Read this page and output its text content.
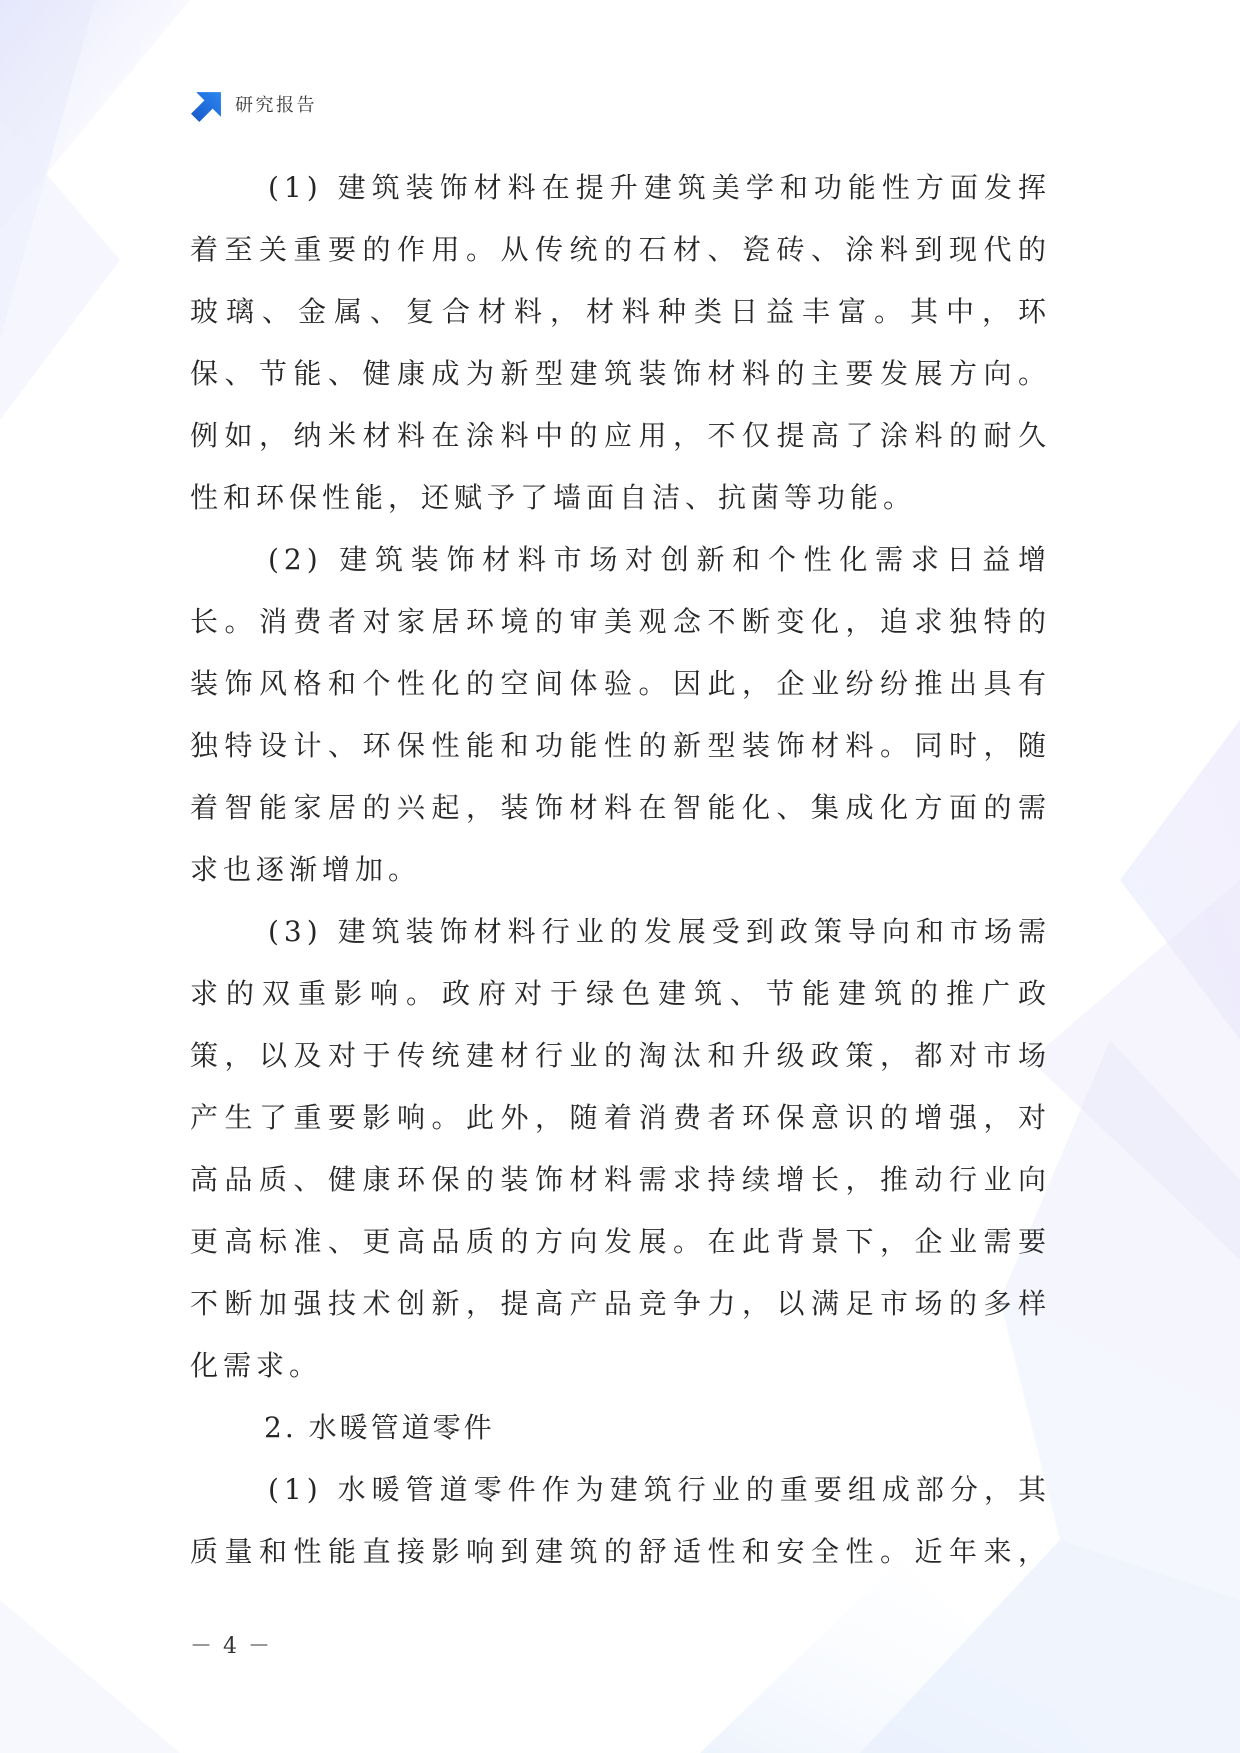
研究报告
(1) 建筑装饰材料在提升建筑美学和功能性方面发挥
着至关重要的作用。从传统的石材、瓷砖、涂料到现代的
玻璃、金属、复合材料，材料种类日益丰富。其中，环
保、节能、健康成为新型建筑装饰材料的主要发展方向。
例如，纳米材料在涂料中的应用，不仅提高了涂料的耐久
性和环保性能，还赋予了墙面自洁、抗菌等功能。
(2) 建筑装饰材料市场对创新和个性化需求日益增
长。消费者对家居环境的审美观念不断变化，追求独特的
装饰风格和个性化的空间体验。因此，企业纷纷推出具有
独特设计、环保性能和功能性的新型装饰材料。同时，随
着智能家居的兴起，装饰材料在智能化、集成化方面的需
求也逐渐增加。
(3) 建筑装饰材料行业的发展受到政策导向和市场需
求的双重影响。政府对于绿色建筑、节能建筑的推广政
策，以及对于传统建材行业的淘汰和升级政策，都对市场
产生了重要影响。此外，随着消费者环保意识的增强，对
高品质、健康环保的装饰材料需求持续增长，推动行业向
更高标准、更高品质的方向发展。在此背景下，企业需要
不断加强技术创新，提高产品竞争力，以满足市场的多样
化需求。
2. 水暖管道零件
(1) 水暖管道零件作为建筑行业的重要组成部分，其
质量和性能直接影响到建筑的舒适性和安全性。近年来，
－ 4 －
